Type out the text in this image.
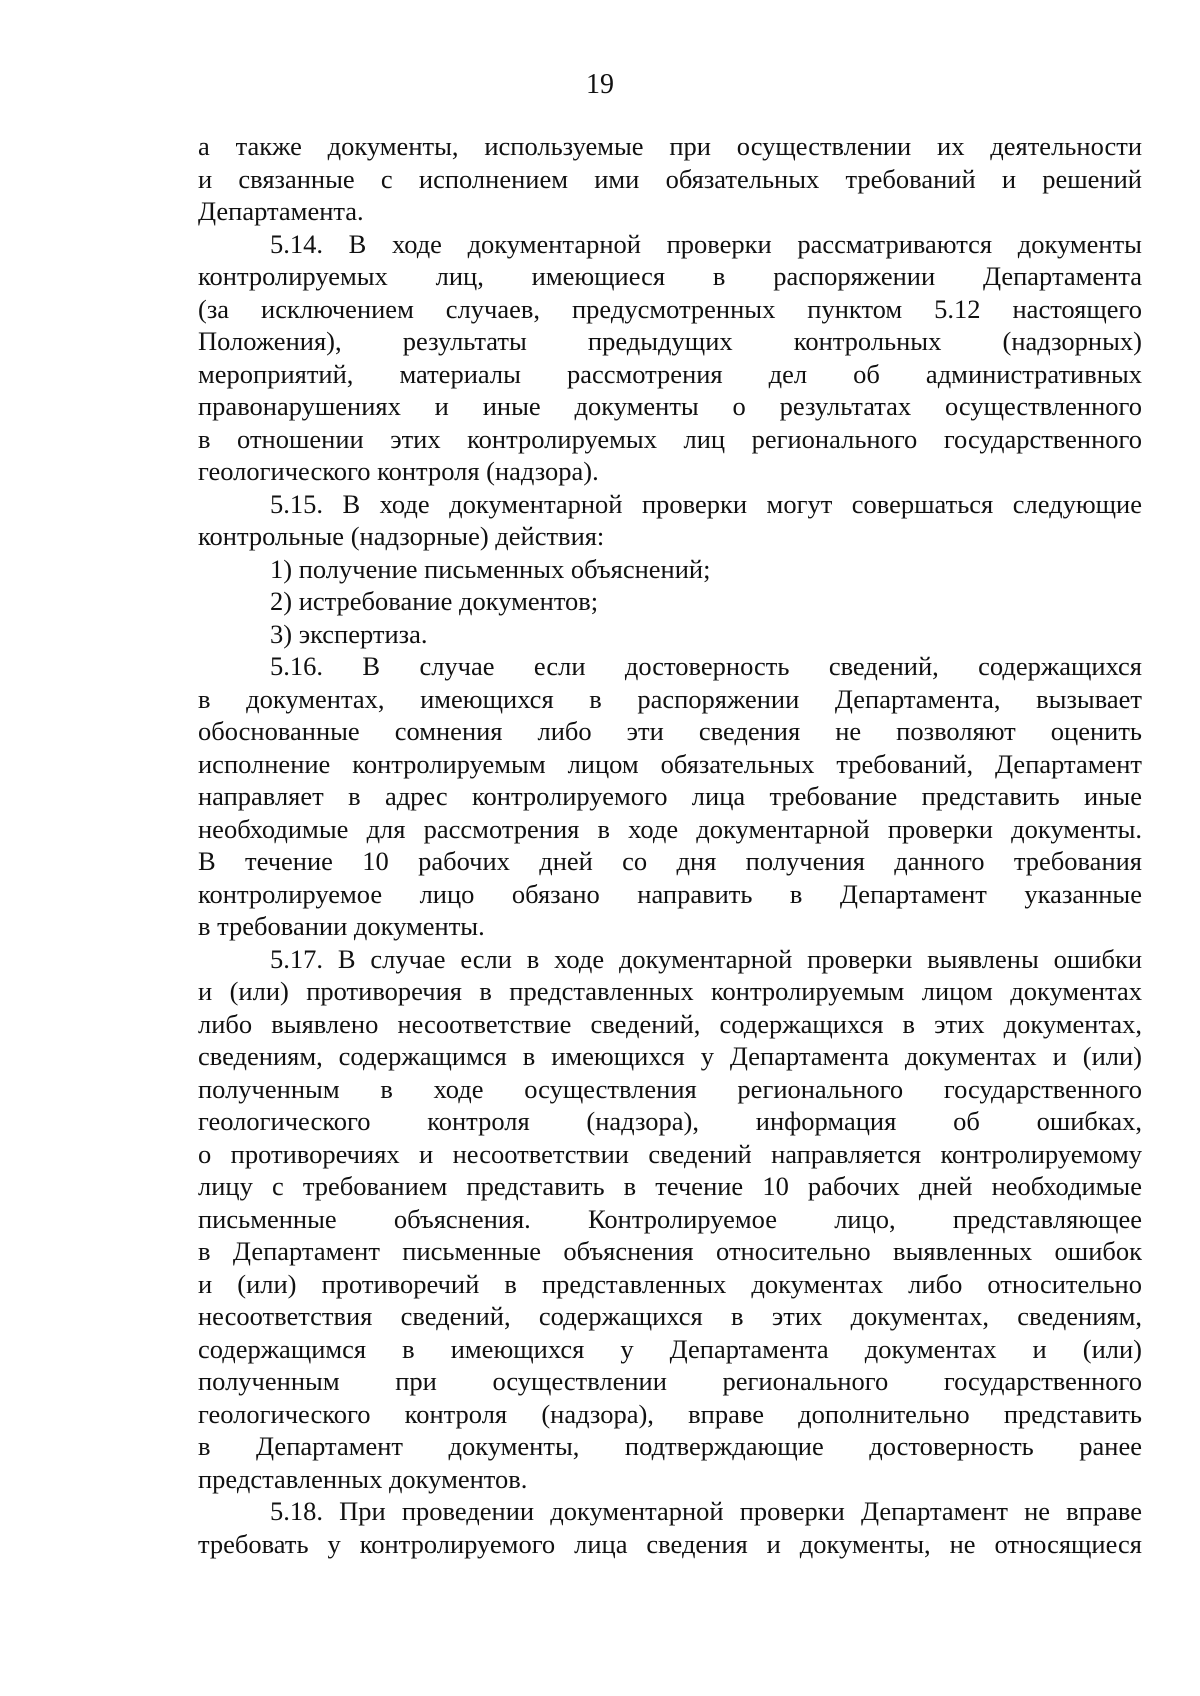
19
а также документы, используемые при осуществлении их деятельности
и связанные с исполнением ими обязательных требований и решений
Департамента.
5.14. В ходе документарной проверки рассматриваются документы
контролируемых лиц, имеющиеся в распоряжении Департамента
(за исключением случаев, предусмотренных пунктом 5.12 настоящего
Положения), результаты предыдущих контрольных (надзорных)
мероприятий, материалы рассмотрения дел об административных
правонарушениях и иные документы о результатах осуществленного
в отношении этих контролируемых лиц регионального государственного
геологического контроля (надзора).
5.15. В ходе документарной проверки могут совершаться следующие
контрольные (надзорные) действия:
1) получение письменных объяснений;
2) истребование документов;
3) экспертиза.
5.16. В случае если достоверность сведений, содержащихся
в документах, имеющихся в распоряжении Департамента, вызывает
обоснованные сомнения либо эти сведения не позволяют оценить
исполнение контролируемым лицом обязательных требований, Департамент
направляет в адрес контролируемого лица требование представить иные
необходимые для рассмотрения в ходе документарной проверки документы.
В течение 10 рабочих дней со дня получения данного требования
контролируемое лицо обязано направить в Департамент указанные
в требовании документы.
5.17. В случае если в ходе документарной проверки выявлены ошибки
и (или) противоречия в представленных контролируемым лицом документах
либо выявлено несоответствие сведений, содержащихся в этих документах,
сведениям, содержащимся в имеющихся у Департамента документах и (или)
полученным в ходе осуществления регионального государственного
геологического контроля (надзора), информация об ошибках,
о противоречиях и несоответствии сведений направляется контролируемому
лицу с требованием представить в течение 10 рабочих дней необходимые
письменные объяснения. Контролируемое лицо, представляющее
в Департамент письменные объяснения относительно выявленных ошибок
и (или) противоречий в представленных документах либо относительно
несоответствия сведений, содержащихся в этих документах, сведениям,
содержащимся в имеющихся у Департамента документах и (или)
полученным при осуществлении регионального государственного
геологического контроля (надзора), вправе дополнительно представить
в Департамент документы, подтверждающие достоверность ранее
представленных документов.
5.18. При проведении документарной проверки Департамент не вправе
требовать у контролируемого лица сведения и документы, не относящиеся
